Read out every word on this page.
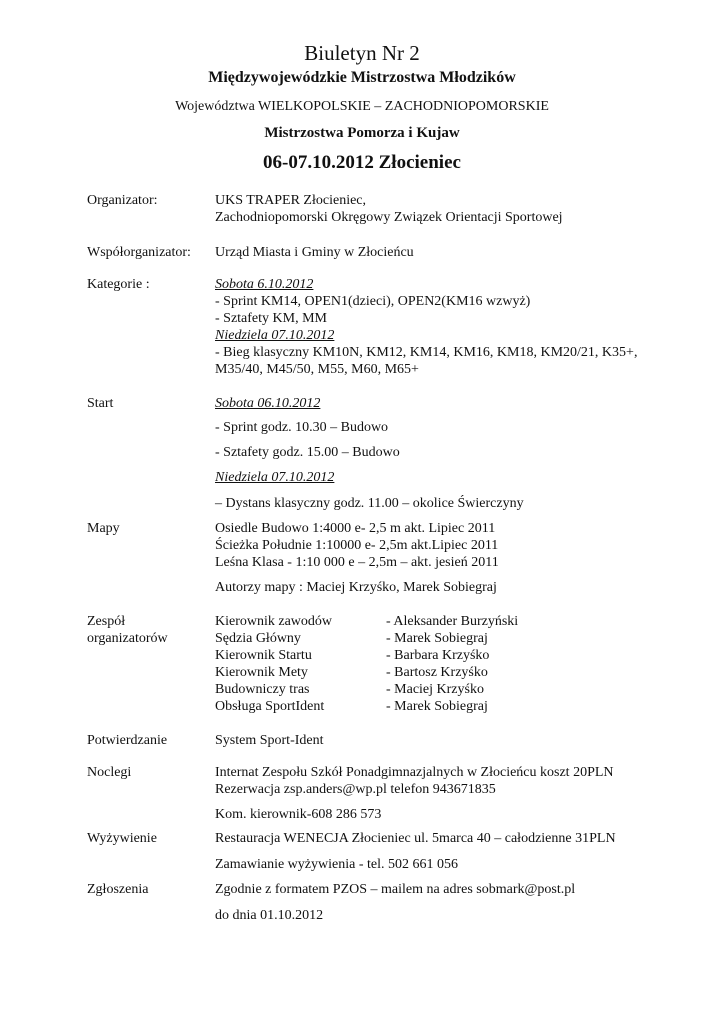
Biuletyn Nr 2
Międzywojewódzkie Mistrzostwa Młodzików
Województwa WIELKOPOLSKIE – ZACHODNIOPOMORSKIE
Mistrzostwa Pomorza i Kujaw
06-07.10.2012 Złocieniec
Organizator:	UKS TRAPER Złocieniec,
Zachodniopomorski Okręgowy Związek Orientacji Sportowej
Współorganizator: Urząd Miasta i Gminy w Złocieńcu
Kategorie :	Sobota 6.10.2012
- Sprint KM14, OPEN1(dzieci), OPEN2(KM16 wzwyż)
- Sztafety KM, MM
Niedziela 07.10.2012
- Bieg klasyczny KM10N, KM12, KM14, KM16, KM18, KM20/21, K35+,
M35/40, M45/50, M55, M60, M65+
Start	Sobota 06.10.2012
- Sprint godz. 10.30 – Budowo
- Sztafety godz. 15.00 – Budowo
Niedziela 07.10.2012
– Dystans klasyczny godz. 11.00 – okolice Świerczyny
Mapy	Osiedle Budowo 1:4000 e- 2,5 m akt. Lipiec 2011
Ścieżka Południe 1:10000 e- 2,5m akt.Lipiec 2011
Leśna Klasa - 1:10 000 e – 2,5m – akt. jesień 2011
Autorzy mapy : Maciej Krzyśko, Marek Sobiegraj
Zespół
organizatorów
Kierownik zawodów	- Aleksander Burzyński
Sędzia Główny	- Marek Sobiegraj
Kierownik Startu	- Barbara Krzyśko
Kierownik Mety	- Bartosz Krzyśko
Budowniczy tras	- Maciej Krzyśko
Obsługa SportIdent	- Marek Sobiegraj
Potwierdzanie	System Sport-Ident
Noclegi	Internat Zespołu Szkół Ponadgimnazjalnych w Złocieńcu koszt 20PLN
Rezerwacja zsp.anders@wp.pl telefon 943671835
Kom. kierownik-608 286 573
Wyżywienie	Restauracja WENECJA Złocieniec ul. 5marca 40 – całodzienne 31PLN
Zamawianie wyżywienia - tel. 502 661 056
Zgłoszenia	Zgodnie z formatem PZOS – mailem na adres sobmark@post.pl
do dnia 01.10.2012
